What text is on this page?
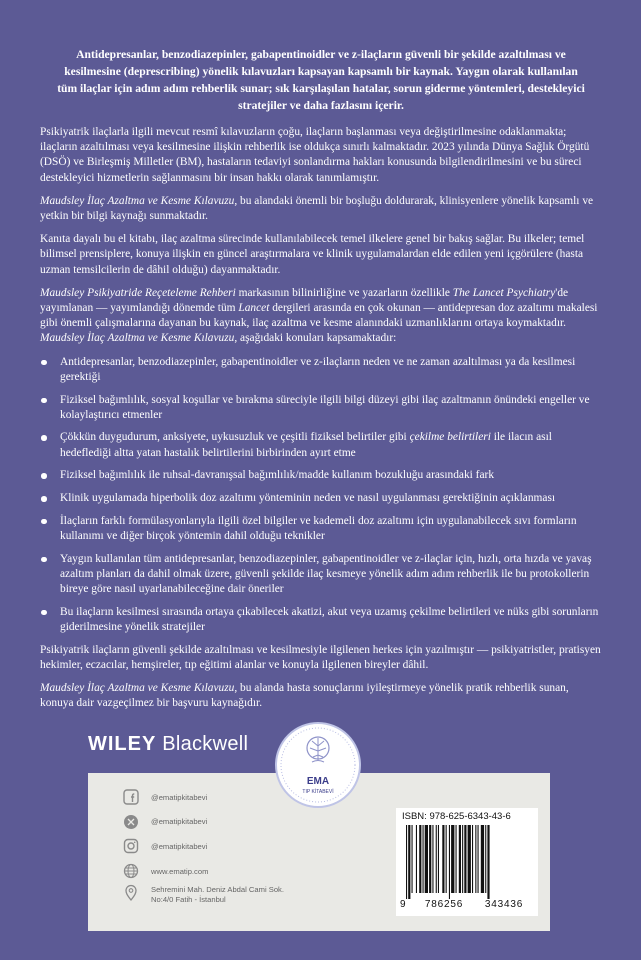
Antidepresanlar, benzodiazepinler, gabapentinoidler ve z-ilaçların güvenli bir şekilde azaltılması ve kesilmesine (deprescribing) yönelik kılavuzları kapsayan kapsamlı bir kaynak. Yaygın olarak kullanılan tüm ilaçlar için adım adım rehberlik sunar; sık karşılaşılan hatalar, sorun giderme yöntemleri, destekleyici stratejiler ve daha fazlasını içerir.

Psikiyatrik ilaçlarla ilgili mevcut resmî kılavuzların çoğu, ilaçların başlanması veya değiştirilmesine odaklanmakta; ilaçların azaltılması veya kesilmesine ilişkin rehberlik ise oldukça sınırlı kalmaktadır. 2023 yılında Dünya Sağlık Örgütü (DSÖ) ve Birleşmiş Milletler (BM), hastaların tedaviyi sonlandırma hakları konusunda bilgilendirilmesini ve bu süreci destekleyici hizmetlerin sağlanmasını bir insan hakkı olarak tanımlamıştır.

Maudsley İlaç Azaltma ve Kesme Kılavuzu, bu alandaki önemli bir boşluğu doldurarak, klinisyenlere yönelik kapsamlı ve yetkin bir bilgi kaynağı sunmaktadır.

Kanıta dayalı bu el kitabı, ilaç azaltma sürecinde kullanılabilecek temel ilkelere genel bir bakış sağlar. Bu ilkeler; temel bilimsel prensiplere, konuya ilişkin en güncel araştırmalara ve klinik uygulamalardan elde edilen yeni içgörülere (hasta uzman temsilcilerin de dâhil olduğu) dayanmaktadır.

Maudsley Psikiyatride Reçeteleme Rehberi markasının bilinirliğine ve yazarların özellikle The Lancet Psychiatry'de yayımlanan — yayımlandığı dönemde tüm Lancet dergileri arasında en çok okunan — antidepresan doz azaltımı makalesi gibi önemli çalışmalarına dayanan bu kaynak, ilaç azaltma ve kesme alanındaki uzmanlıklarını ortaya koymaktadır. Maudsley İlaç Azaltma ve Kesme Kılavuzu, aşağıdaki konuları kapsamaktadır:

Antidepresanlar, benzodiazepinler, gabapentinoidler ve z-ilaçların neden ve ne zaman azaltılması ya da kesilmesi gerektiği
Fiziksel bağımlılık, sosyal koşullar ve bırakma süreciyle ilgili bilgi düzeyi gibi ilaç azaltmanın önündeki engeller ve kolaylaştırıcı etmenler
Çökkün duygudurum, anksiyete, uykusuzluk ve çeşitli fiziksel belirtiler gibi çekilme belirtileri ile ilacın asıl hedeflediği altta yatan hastalık belirtilerini birbirinden ayırt etme
Fiziksel bağımlılık ile ruhsal-davranışsal bağımlılık/madde kullanım bozukluğu arasındaki fark
Klinik uygulamada hiperbolik doz azaltımı yönteminin neden ve nasıl uygulanması gerektiğinin açıklanması
İlaçların farklı formülasyonlarıyla ilgili özel bilgiler ve kademeli doz azaltımı için uygulanabilecek sıvı formların kullanımı ve diğer birçok yöntemin dahil olduğu teknikler
Yaygın kullanılan tüm antidepresanlar, benzodiazepinler, gabapentinoidler ve z-ilaçlar için, hızlı, orta hızda ve yavaş azaltım planları da dahil olmak üzere, güvenli şekilde ilaç kesmeye yönelik adım adım rehberlik ile bu protokollerin bireye göre nasıl uyarlanabileceğine dair öneriler
Bu ilaçların kesilmesi sırasında ortaya çıkabilecek akatizi, akut veya uzamış çekilme belirtileri ve nüks gibi sorunların giderilmesine yönelik stratejiler

Psikiyatrik ilaçların güvenli şekilde azaltılması ve kesilmesiyle ilgilenen herkes için yazılmıştır — psikiyatristler, pratisyen hekimler, eczacılar, hemşireler, tıp eğitimi alanlar ve konuyla ilgilenen bireyler dâhil.

Maudsley İlaç Azaltma ve Kesme Kılavuzu, bu alanda hasta sonuçlarını iyileştirmeye yönelik pratik rehberlik sunan, konuya dair vazgeçilmez bir başvuru kaynağıdır.

WILEY Blackwell
EMA
TIP KİTABEVİ
@ematipkitabevi
@ematipkitabevi
@ematipkitabevi
www.ematip.com
Sehremini Mah. Deniz Abdal Cami Sok.
No:4/0 Fatih - İstanbul
ISBN: 978-625-6343-43-6
9	786256	343436
